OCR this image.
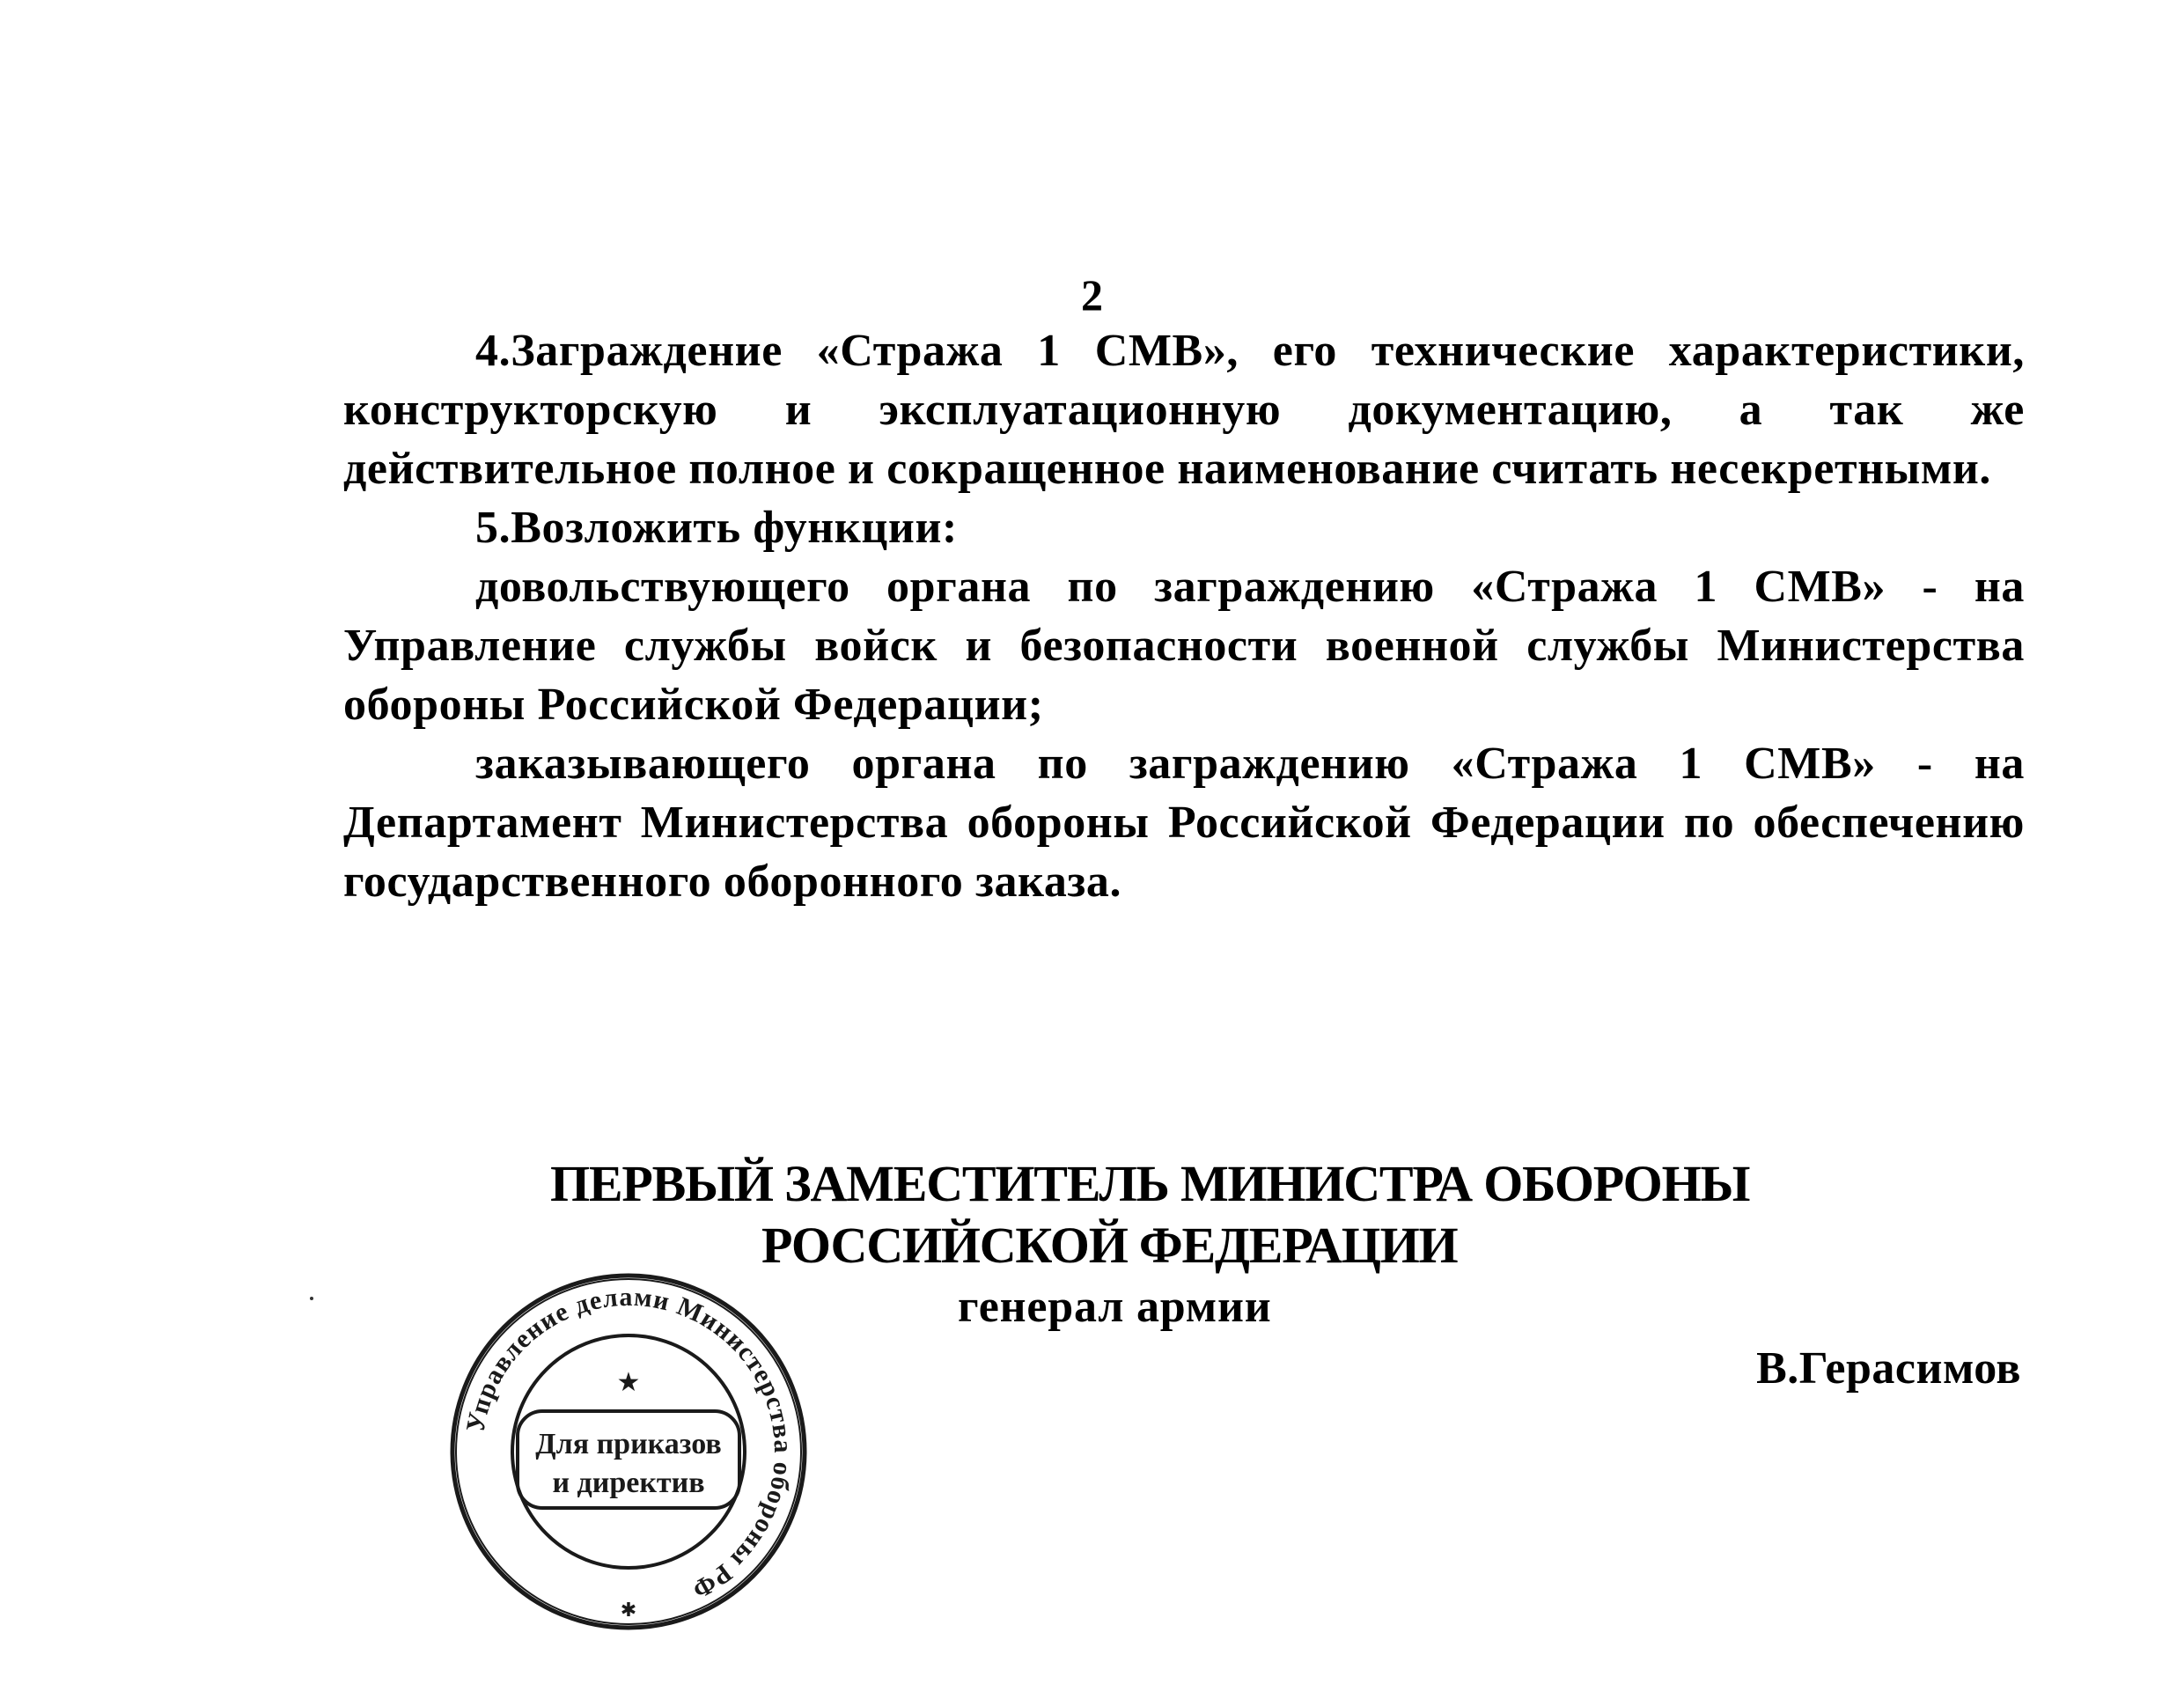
2

4.Заграждение «Стража 1 СМВ», его технические характеристики, конструкторскую и эксплуатационную документацию, а так же действительное полное и сокращенное наименование считать несекретными.

5.Возложить функции:

довольствующего органа по заграждению «Стража 1 СМВ» - на Управление службы войск и безопасности военной службы Министерства обороны Российской Федерации;

заказывающего органа по заграждению «Стража 1 СМВ» - на Департамент Министерства обороны Российской Федерации по обеспечению государственного оборонного заказа.

ПЕРВЫЙ ЗАМЕСТИТЕЛЬ МИНИСТРА ОБОРОНЫ
РОССИЙСКОЙ ФЕДЕРАЦИИ
генерал армии
В.Герасимов
Управление делами Министерства обороны РФ
★
Для приказов
и директив
✱
